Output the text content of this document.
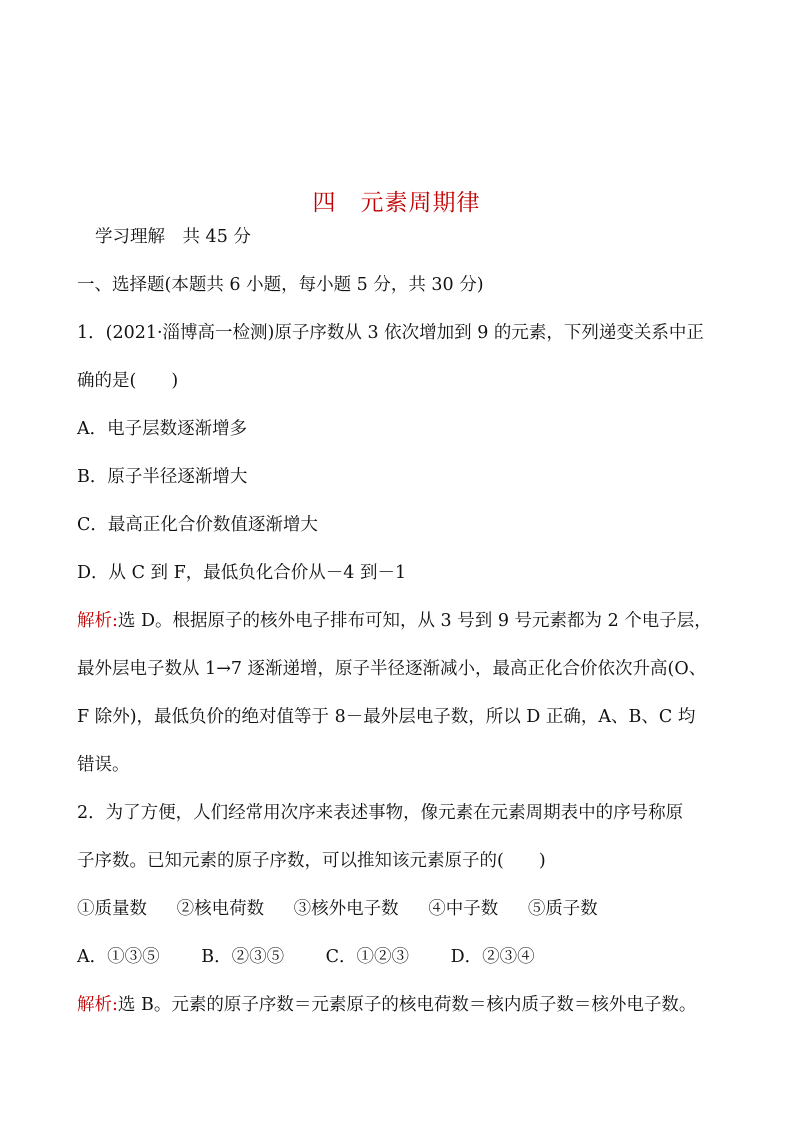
四　元素周期律
学习理解　共 45 分
一、选择题(本题共 6 小题，每小题 5 分，共 30 分)
1．(2021·淄博高一检测)原子序数从 3 依次增加到 9 的元素，下列递变关系中正
确的是(　　)
A．电子层数逐渐增多
B．原子半径逐渐增大
C．最高正化合价数值逐渐增大
D．从 C 到 F，最低负化合价从－4 到－1
解析:选 D。根据原子的核外电子排布可知，从 3 号到 9 号元素都为 2 个电子层，
最外层电子数从 1→7 逐渐递增，原子半径逐渐减小，最高正化合价依次升高(O、
F 除外)，最低负价的绝对值等于 8－最外层电子数，所以 D 正确，A、B、C 均
错误。
2．为了方便，人们经常用次序来表述事物，像元素在元素周期表中的序号称原
子序数。已知元素的原子序数，可以推知该元素原子的(　　)
①质量数 ②核电荷数 ③核外电子数 ④中子数 ⑤质子数
A．①③⑤ B．②③⑤ C．①②③ D．②③④
解析:选 B。元素的原子序数＝元素原子的核电荷数＝核内质子数＝核外电子数。
